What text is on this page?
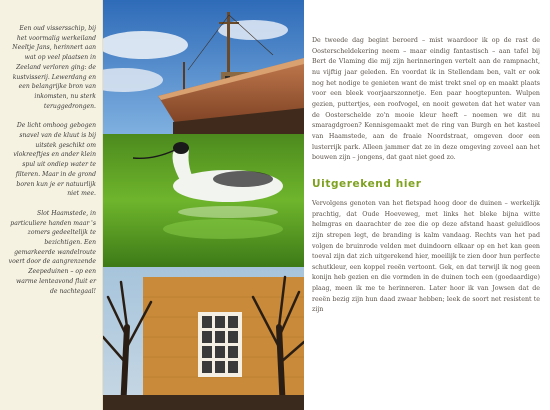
Een oud vissersschip, bij het voormalig werkeiland Neeltje Jans, herinnert aan wat op veel plaatsen in Zeeland verloren ging: de kustvisserij. Lewerdang en een belangrijke bron van inkomsten, nu sterk teruggedrongen.

De licht omhoog gebogen snavel van de kluut is bij uitstek geschikt om vlokreeftjes en ander klein spul uit ondiep water te filteren. Maar in de grond boren kun je er natuurlijk niet mee.

Slot Haamstede, in particuliere handen maar 's zomers gedeeltelijk te bezichtigen. Een gemarkeerde wandelroute voert door de aangrenzende Zeepeduinen – op een warme lenteavond fluit er de nachtegaal!

De tweede dag begint beroerd – mist waardoor ik op de rast de Oosterscheldekering neem – maar eindig fantastisch – aan tafel bij Bert de Vlaming die mij zijn herinneringen vertelt aan de rampnacht, nu vijftig jaar geleden. En voordat ik in Stellendam ben, valt er ook nog het nodige te genieten want de mist trekt snel op en maakt plaats voor een bleek voorjaarszonnetje. Een paar hoogtepunten. Wulpen gezien, puttertjes, een roofvogel, en nooit geweten dat het water van de Oosterschelde zo'n mooie kleur heeft – noemen we dit nu smaragdgroen? Kennisgemaakt met de ring van Burgh en het kasteel van Haamstede, aan de fraaie Noordstraat, omgeven door een lusterrijk park. Alleen jammer dat ze in deze omgeving zoveel aan het bouwen zijn – jongens, dat gaat niet goed zo.

Uitgerekend hier

Vervolgens genoten van het fietspad hoog door de duinen – werkelijk prachtig, dat Oude Hoeveweg, met links het bleke bijna witte helmgras en daarachter de zee die op deze afstand haast geluidloos zijn strepen legt, de branding is kalm vandaag. Rechts van het pad volgen de bruinrode velden met duindoorn elkaar op en het kan geen toeval zijn dat zich uitgerekend hier, moeilijk te zien door hun perfecte schutkleur, een koppel reeën vertoont. Gek, en dat terwijl ik nog geen konijn heb gezien en die vormden in de duinen toch een (goedaardige) plaag, meen ik me te herinneren. Later hoor ik van Jowsen dat de reeën bezig zijn hun daad zwaar hebben; leek de soort net resistent te zijn
